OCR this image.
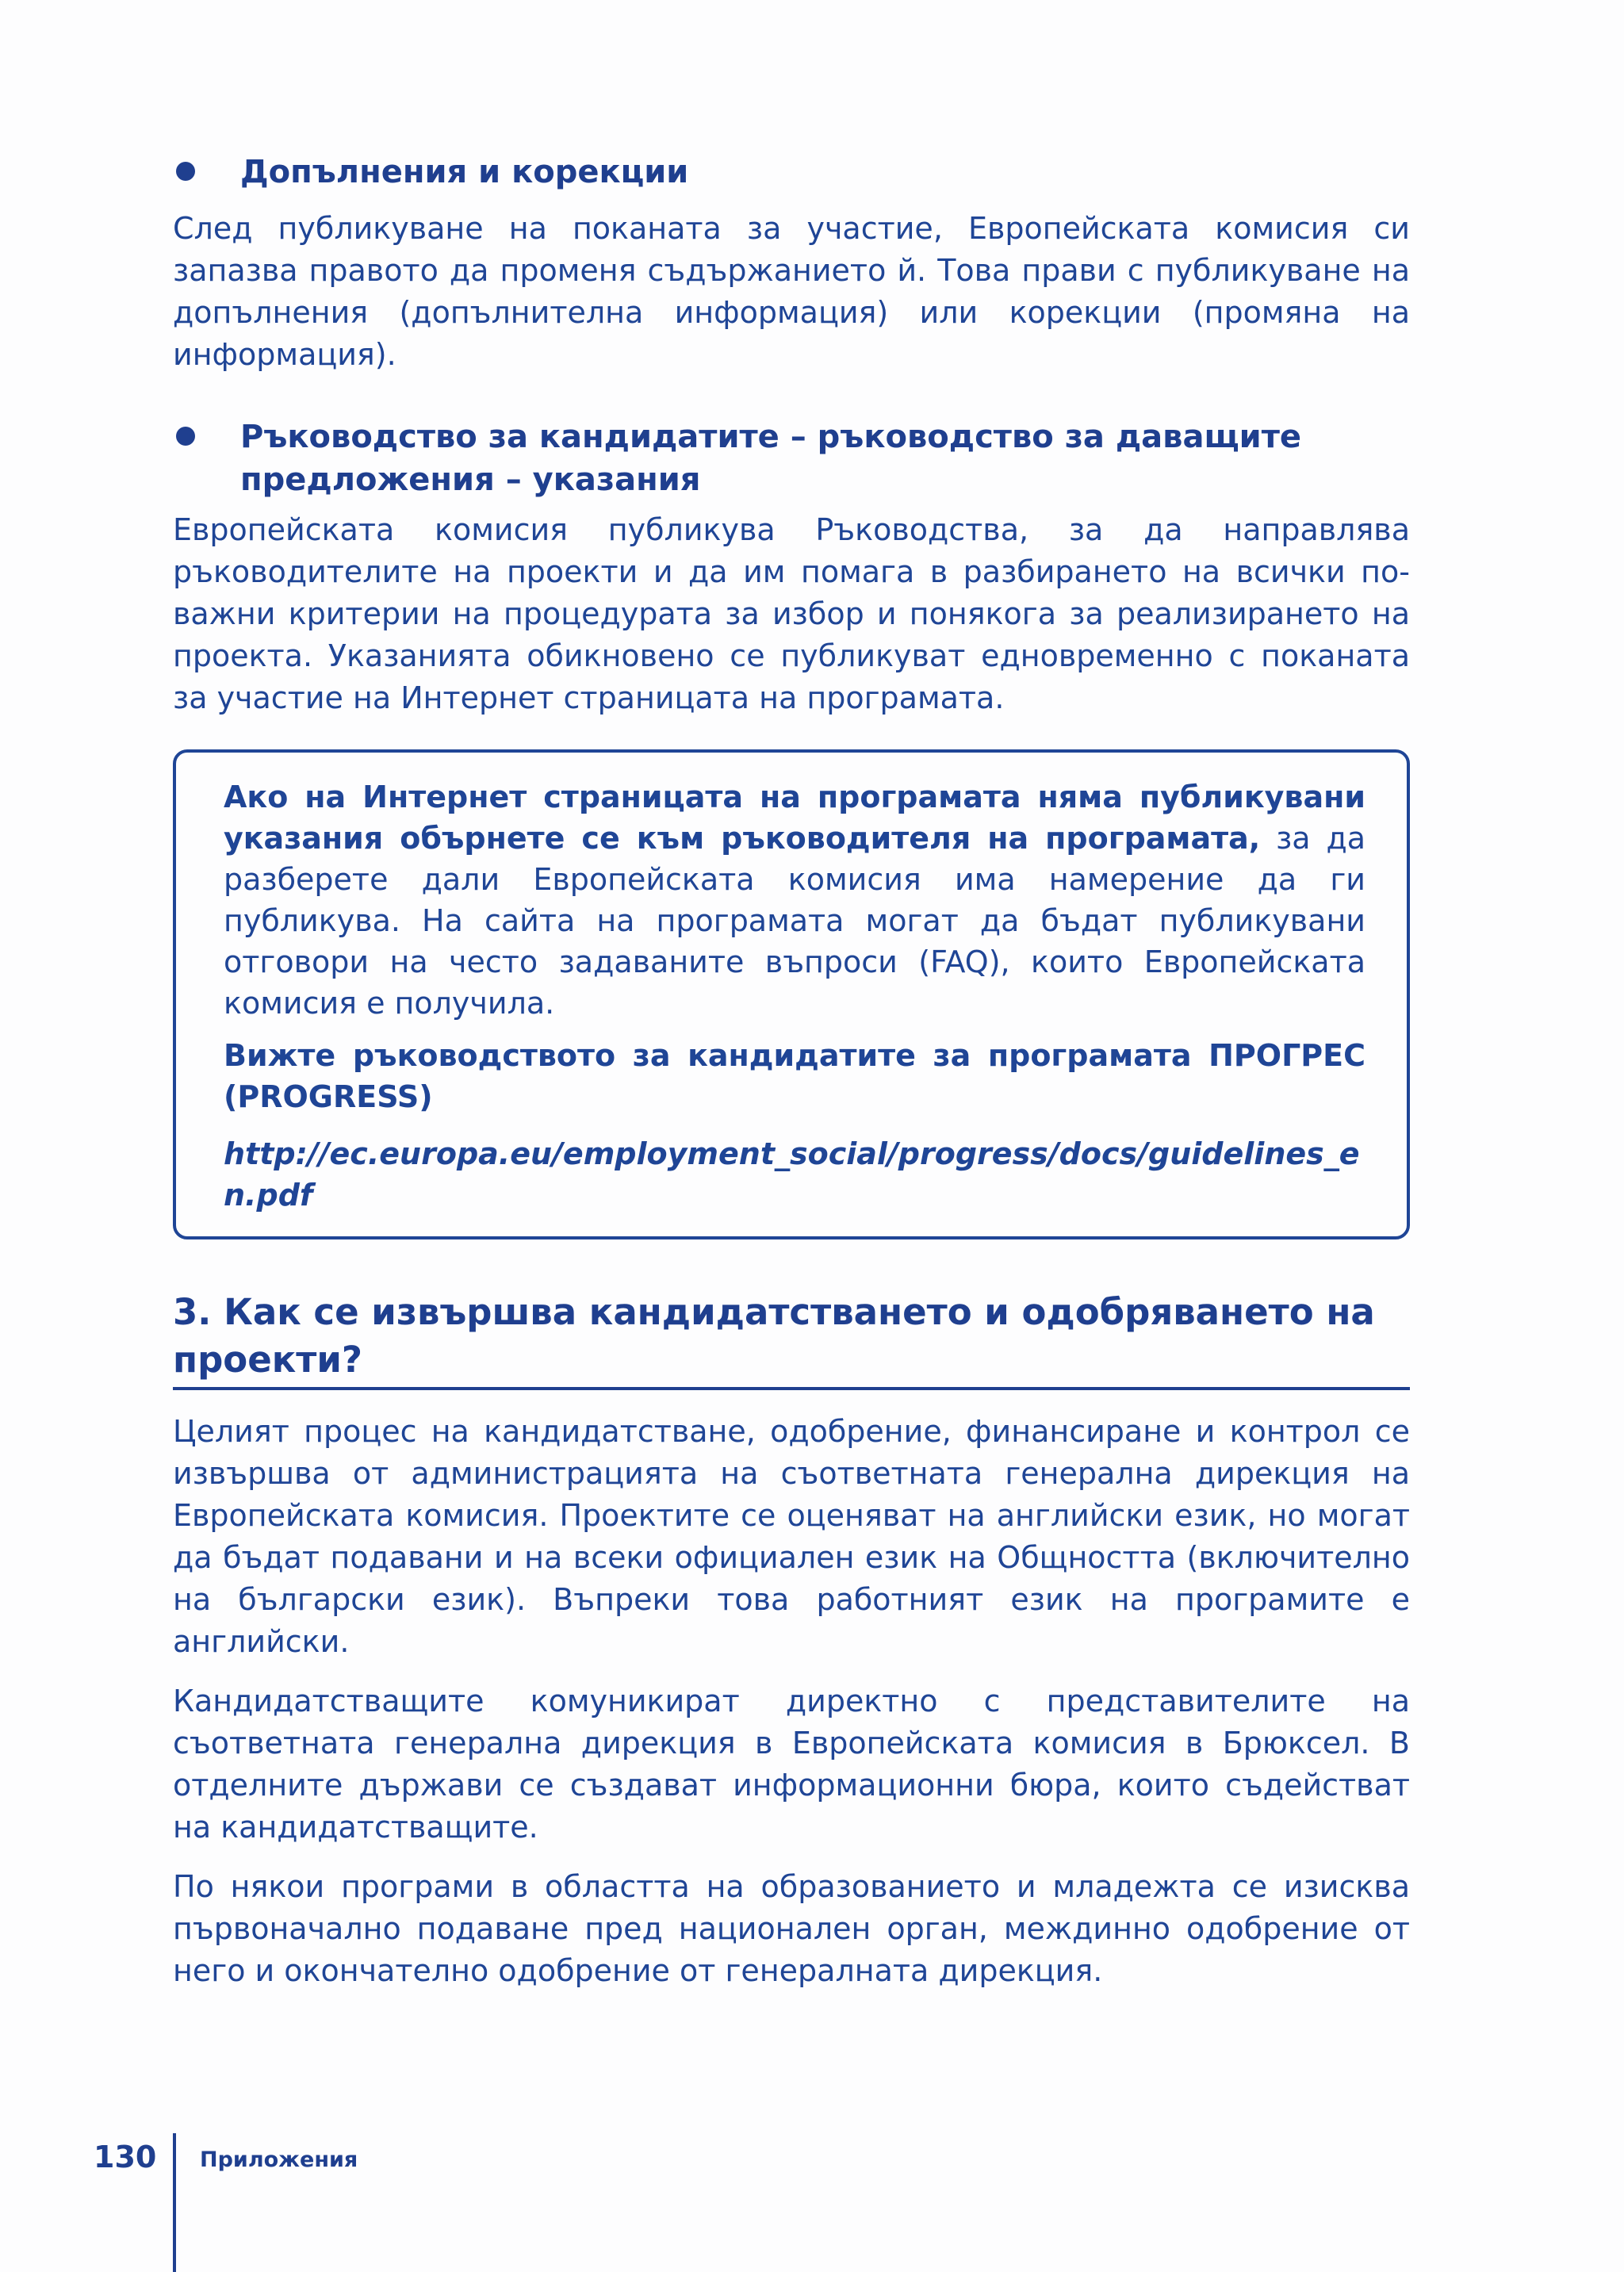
Допълнения и корекции

След публикуване на поканата за участие, Европейската комисия си запазва правото да променя съдържанието й. Това прави с публикуване на допълнения (допълнителна информация) или корекции (промяна на информация).

Ръководство за кандидатите – ръководство за даващите предложения – указания

Европейската комисия публикува Ръководства, за да направлява ръководителите на проекти и да им помага в разбирането на всички по-важни критерии на процедурата за избор и понякога за реализирането на проекта. Указанията обикновено се публикуват едновременно с поканата за участие на Интернет страницата на програмата.

Ако на Интернет страницата на програмата няма публикувани указания обърнете се към ръководителя на програмата, за да разберете дали Европейската комисия има намерение да ги публикува. На сайта на програмата могат да бъдат публикувани отговори на често задаваните въпроси (FAQ), които Европейската комисия е получила.

Вижте ръководството за кандидатите за програмата ПРОГРЕС (PROGRESS)

http://ec.europa.eu/employment_social/progress/docs/guidelines_en.pdf

3. Как се извършва кандидатстването и одобряването на проекти?

Целият процес на кандидатстване, одобрение, финансиране и контрол се извършва от администрацията на съответната генерална дирекция на Европейската комисия. Проектите се оценяват на английски език, но могат да бъдат подавани и на всеки официален език на Общността (включително на български език). Въпреки това работният език на програмите е английски.

Кандидатстващите комуникират директно с представителите на съответната генерална дирекция в Европейската комисия в Брюксел. В отделните държави се създават информационни бюра, които съдействат на кандидатстващите.

По някои програми в областта на образованието и младежта се изисква първоначално подаване пред национален орган, междинно одобрение от него и окончателно одобрение от генералната дирекция.

130 Приложения
